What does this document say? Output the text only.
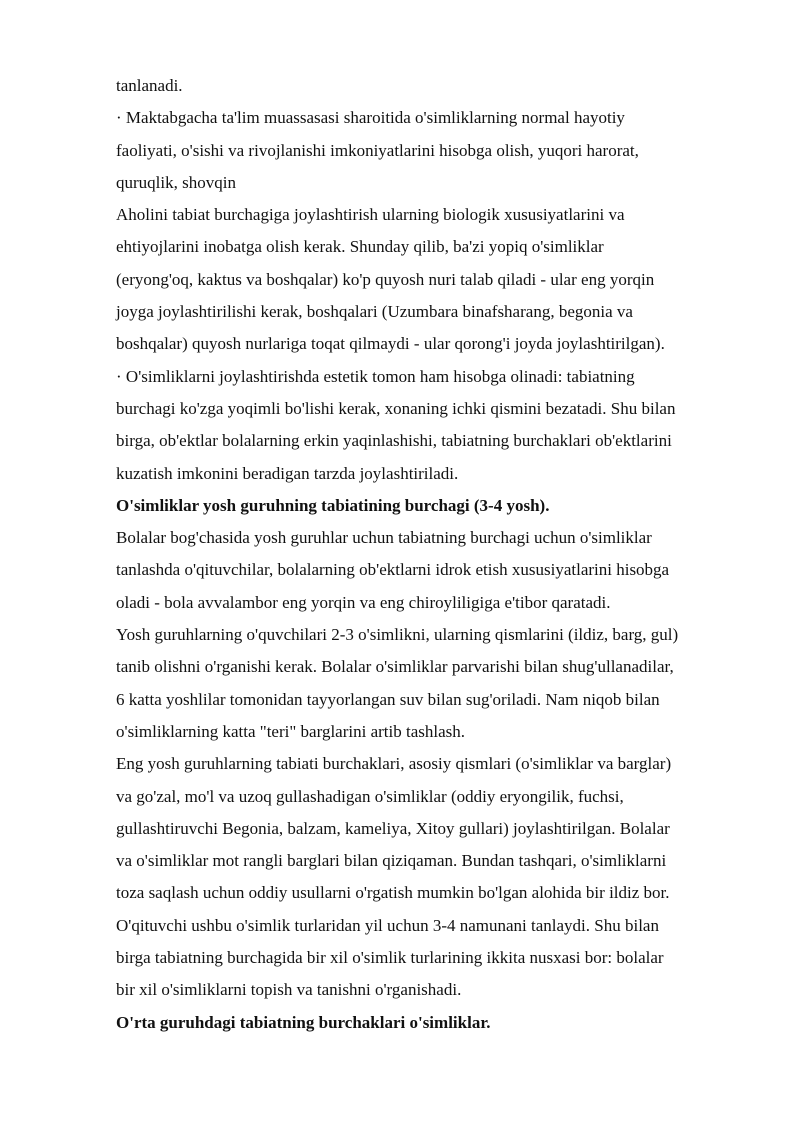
tanlanadi.
· Maktabgacha ta'lim muassasasi sharoitida o'simliklarning normal hayotiy
faoliyati, o'sishi va rivojlanishi imkoniyatlarini hisobga olish, yuqori harorat,
quruqlik, shovqin
Aholini tabiat burchagiga joylashtirish ularning biologik xususiyatlarini va
ehtiyojlarini inobatga olish kerak. Shunday qilib, ba'zi yopiq o'simliklar
(eryong'oq, kaktus va boshqalar) ko'p quyosh nuri talab qiladi - ular eng yorqin
joyga joylashtirilishi kerak, boshqalari (Uzumbara binafsharang, begonia va
boshqalar) quyosh nurlariga toqat qilmaydi - ular qorong'i joyda joylashtirilgan).
· O'simliklarni joylashtirishda estetik tomon ham hisobga olinadi: tabiatning
burchagi ko'zga yoqimli bo'lishi kerak, xonaning ichki qismini bezatadi. Shu bilan
birga, ob'ektlar bolalarning erkin yaqinlashishi, tabiatning burchaklari ob'ektlarini
kuzatish imkonini beradigan tarzda joylashtiriladi.
O'simliklar yosh guruhning tabiatining burchagi (3-4 yosh).
Bolalar bog'chasida yosh guruhlar uchun tabiatning burchagi uchun o'simliklar
tanlashda o'qituvchilar, bolalarning ob'ektlarni idrok etish xususiyatlarini hisobga
oladi - bola avvalambor eng yorqin va eng chiroyliligiga e'tibor qaratadi.
Yosh guruhlarning o'quvchilari 2-3 o'simlikni, ularning qismlarini (ildiz, barg, gul)
tanib olishni o'rganishi kerak. Bolalar o'simliklar parvarishi bilan shug'ullanadilar,
6 katta yoshlilar tomonidan tayyorlangan suv bilan sug'oriladi. Nam niqob bilan
o'simliklarning katta "teri" barglarini artib tashlash.
Eng yosh guruhlarning tabiati burchaklari, asosiy qismlari (o'simliklar va barglar)
va go'zal, mo'l va uzoq gullashadigan o'simliklar (oddiy eryongilik, fuchsi,
gullashtiruvchi Begonia, balzam, kameliya, Xitoy gullari) joylashtirilgan. Bolalar
va o'simliklar mot rangli barglari bilan qiziqaman. Bundan tashqari, o'simliklarni
toza saqlash uchun oddiy usullarni o'rgatish mumkin bo'lgan alohida bir ildiz bor.
O'qituvchi ushbu o'simlik turlaridan yil uchun 3-4 namunani tanlaydi. Shu bilan
birga tabiatning burchagida bir xil o'simlik turlarining ikkita nusxasi bor: bolalar
bir xil o'simliklarni topish va tanishni o'rganishadi.
O'rta guruhdagi tabiatning burchaklari o'simliklar.
